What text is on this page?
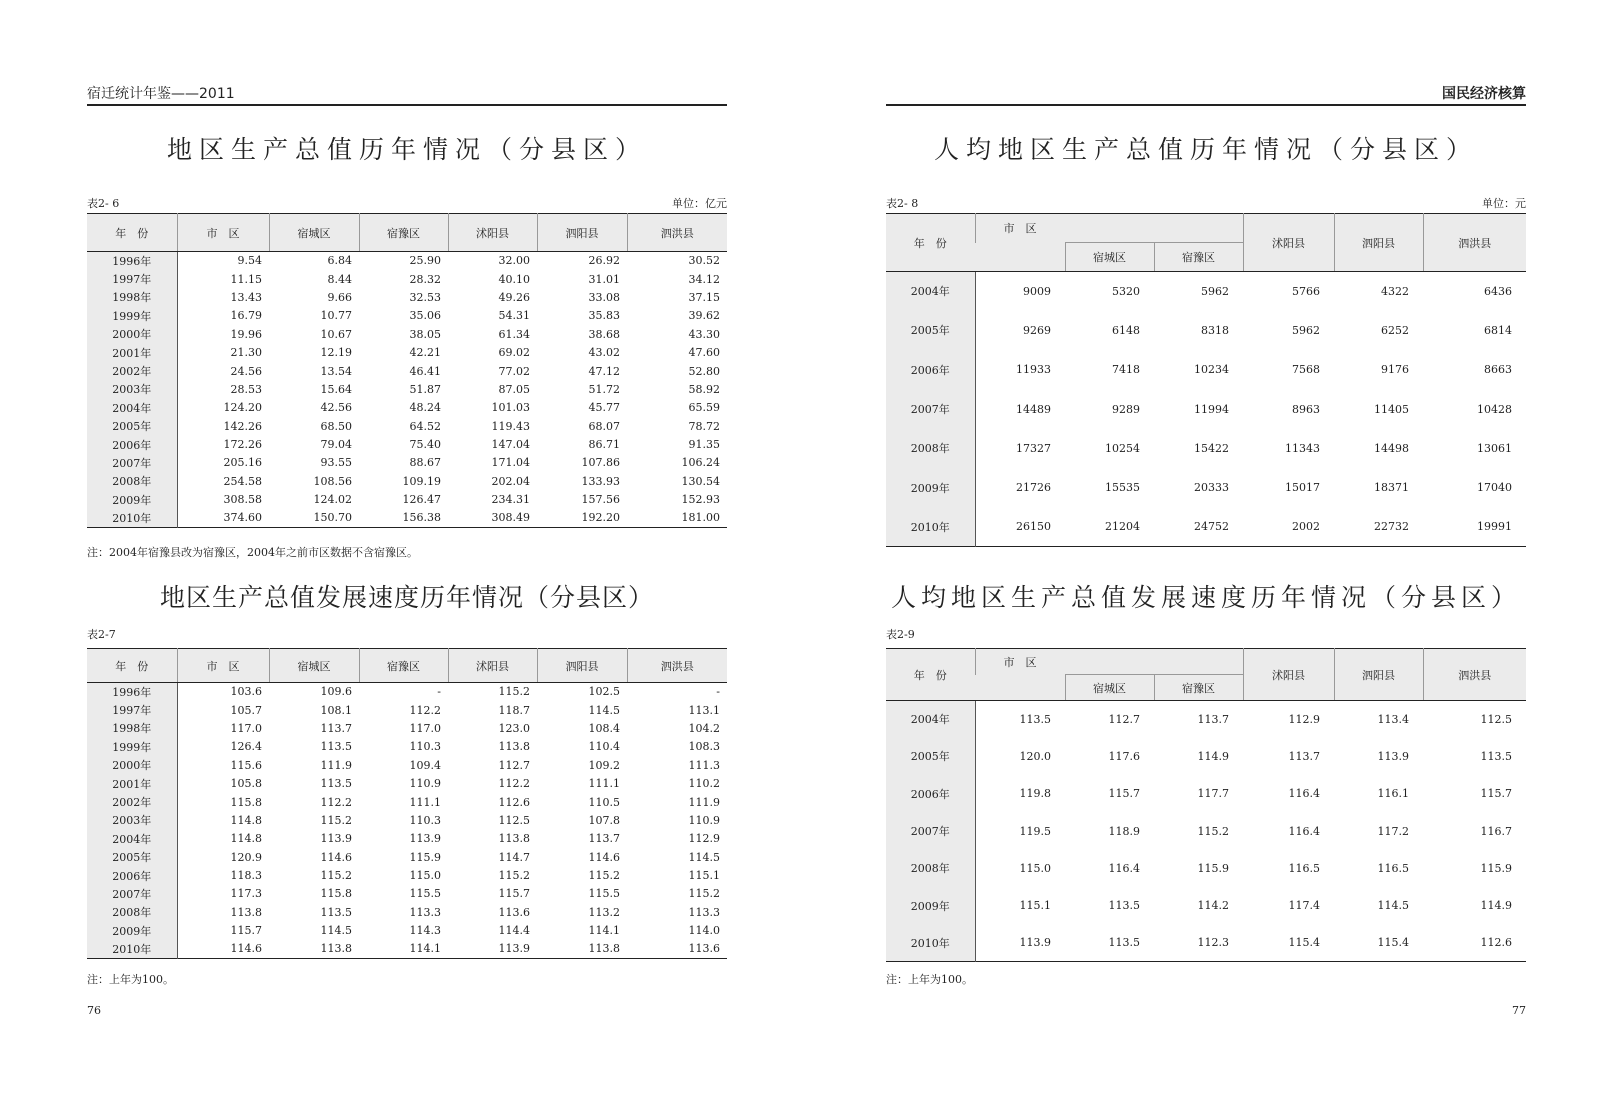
宿迁统计年鉴——2011
地区生产总值历年情况（分县区）
表2- 6	单位：亿元
年　份	市　区	宿城区	宿豫区	沭阳县	泗阳县	泗洪县
1996年	9.54	6.84	25.90	32.00	26.92	30.52
1997年	11.15	8.44	28.32	40.10	31.01	34.12
1998年	13.43	9.66	32.53	49.26	33.08	37.15
1999年	16.79	10.77	35.06	54.31	35.83	39.62
2000年	19.96	10.67	38.05	61.34	38.68	43.30
2001年	21.30	12.19	42.21	69.02	43.02	47.60
2002年	24.56	13.54	46.41	77.02	47.12	52.80
2003年	28.53	15.64	51.87	87.05	51.72	58.92
2004年	124.20	42.56	48.24	101.03	45.77	65.59
2005年	142.26	68.50	64.52	119.43	68.07	78.72
2006年	172.26	79.04	75.40	147.04	86.71	91.35
2007年	205.16	93.55	88.67	171.04	107.86	106.24
2008年	254.58	108.56	109.19	202.04	133.93	130.54
2009年	308.58	124.02	126.47	234.31	157.56	152.93
2010年	374.60	150.70	156.38	308.49	192.20	181.00
注：2004年宿豫县改为宿豫区，2004年之前市区数据不含宿豫区。
地区生产总值发展速度历年情况（分县区）
表2-7
年　份	市　区	宿城区	宿豫区	沭阳县	泗阳县	泗洪县
1996年	103.6	109.6	-	115.2	102.5	-
1997年	105.7	108.1	112.2	118.7	114.5	113.1
1998年	117.0	113.7	117.0	123.0	108.4	104.2
1999年	126.4	113.5	110.3	113.8	110.4	108.3
2000年	115.6	111.9	109.4	112.7	109.2	111.3
2001年	105.8	113.5	110.9	112.2	111.1	110.2
2002年	115.8	112.2	111.1	112.6	110.5	111.9
2003年	114.8	115.2	110.3	112.5	107.8	110.9
2004年	114.8	113.9	113.9	113.8	113.7	112.9
2005年	120.9	114.6	115.9	114.7	114.6	114.5
2006年	118.3	115.2	115.0	115.2	115.2	115.1
2007年	117.3	115.8	115.5	115.7	115.5	115.2
2008年	113.8	113.5	113.3	113.6	113.2	113.3
2009年	115.7	114.5	114.3	114.4	114.1	114.0
2010年	114.6	113.8	114.1	113.9	113.8	113.6
注：上年为100。
76
国民经济核算
人均地区生产总值历年情况（分县区）
表2- 8	单位：元
年　份	市　区			沭阳县	泗阳县	泗洪县
		宿城区	宿豫区			
2004年	9009	5320	5962	5766	4322	6436
2005年	9269	6148	8318	5962	6252	6814
2006年	11933	7418	10234	7568	9176	8663
2007年	14489	9289	11994	8963	11405	10428
2008年	17327	10254	15422	11343	14498	13061
2009年	21726	15535	20333	15017	18371	17040
2010年	26150	21204	24752	2002	22732	19991
人均地区生产总值发展速度历年情况（分县区）
表2-9
年　份	市　区			沭阳县	泗阳县	泗洪县
		宿城区	宿豫区			
2004年	113.5	112.7	113.7	112.9	113.4	112.5
2005年	120.0	117.6	114.9	113.7	113.9	113.5
2006年	119.8	115.7	117.7	116.4	116.1	115.7
2007年	119.5	118.9	115.2	116.4	117.2	116.7
2008年	115.0	116.4	115.9	116.5	116.5	115.9
2009年	115.1	113.5	114.2	117.4	114.5	114.9
2010年	113.9	113.5	112.3	115.4	115.4	112.6
注：上年为100。
77
